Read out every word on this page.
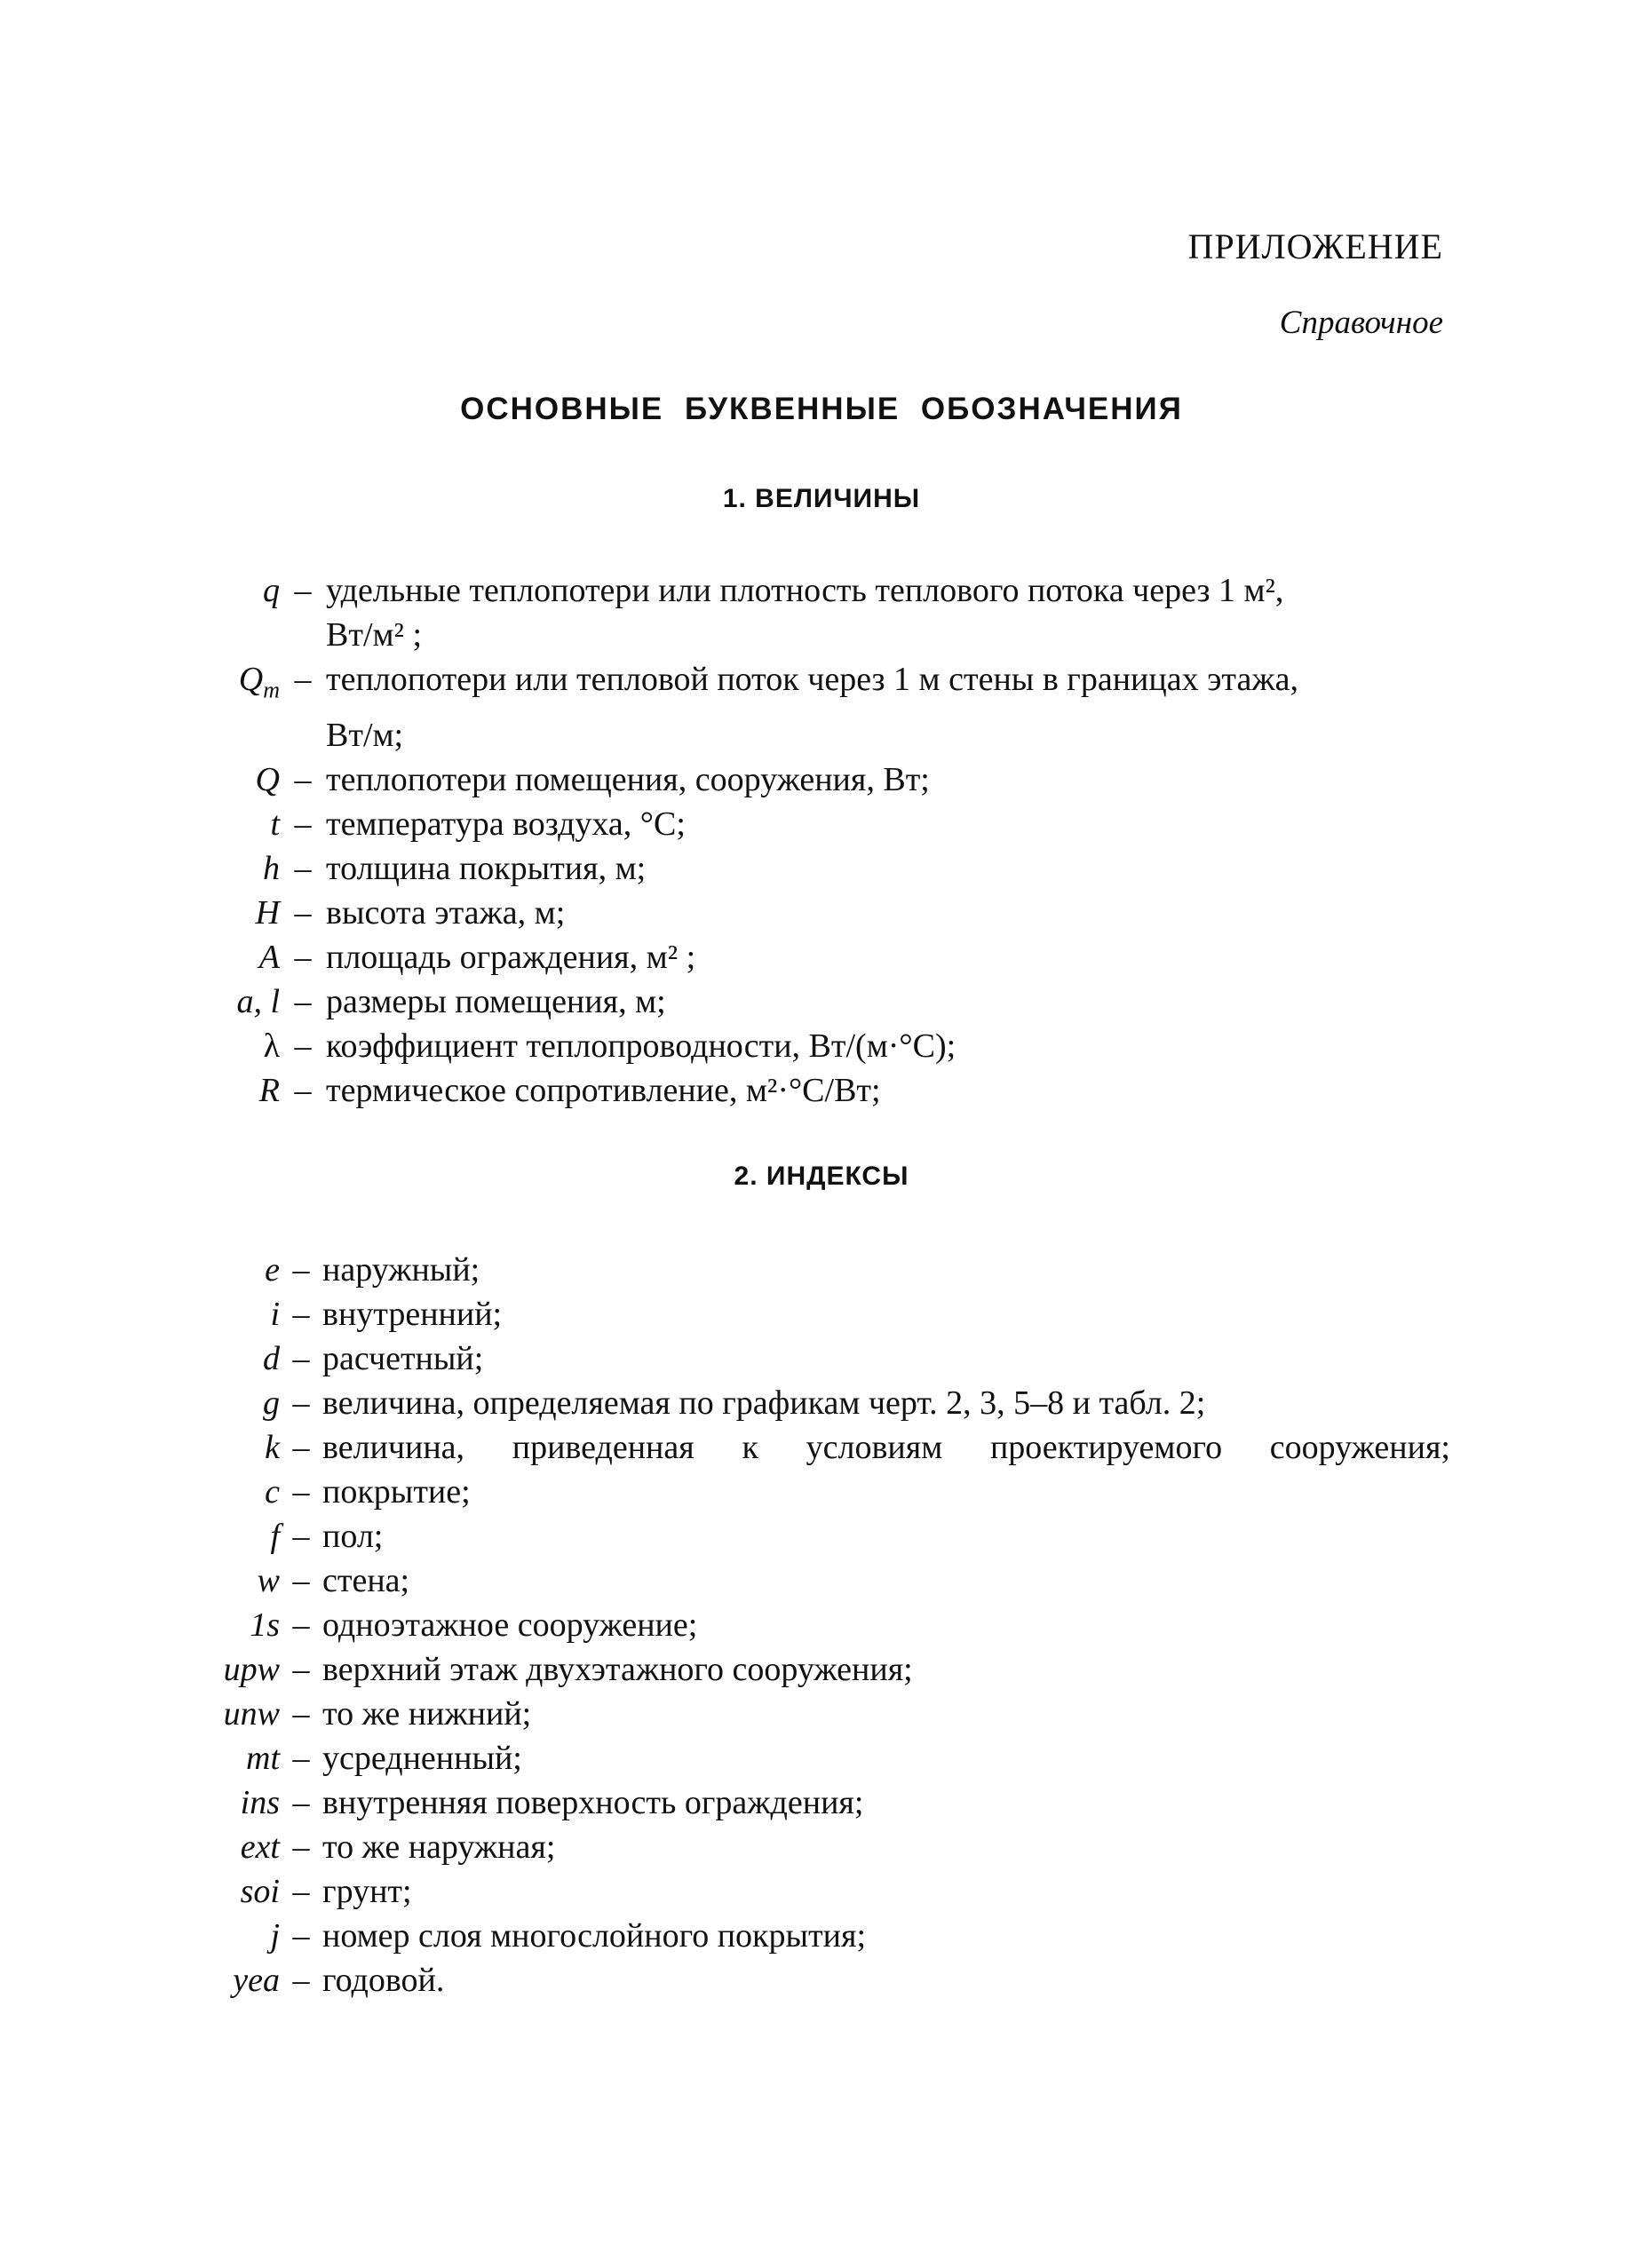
ПРИЛОЖЕНИЕ
Справочное
ОСНОВНЫЕ БУКВЕННЫЕ ОБОЗНАЧЕНИЯ
1. ВЕЛИЧИНЫ
q – удельные теплопотери или плотность теплового потока через 1 м²,
Вт/м² ;
$Q_m$ – теплопотери или тепловой поток через 1 м стены в границах этажа,
Вт/м;
Q – теплопотери помещения, сооружения, Вт;
t – температура воздуха, °C;
h – толщина покрытия, м;
H – высота этажа, м;
A – площадь ограждения, м² ;
a, l – размеры помещения, м;
λ – коэффициент теплопроводности, Вт/(м·°C);
R – термическое сопротивление, м²·°C/Вт;
2. ИНДЕКСЫ
e – наружный;
i – внутренний;
d – расчетный;
g – величина, определяемая по графикам черт. 2, 3, 5–8 и табл. 2;
k – величина, приведенная к условиям проектируемого сооружения;
c – покрытие;
f – пол;
w – стена;
1s – одноэтажное сооружение;
upw – верхний этаж двухэтажного сооружения;
unw – то же нижний;
mt – усредненный;
ins – внутренняя поверхность ограждения;
ext – то же наружная;
soi – грунт;
j – номер слоя многослойного покрытия;
yea – годовой.
